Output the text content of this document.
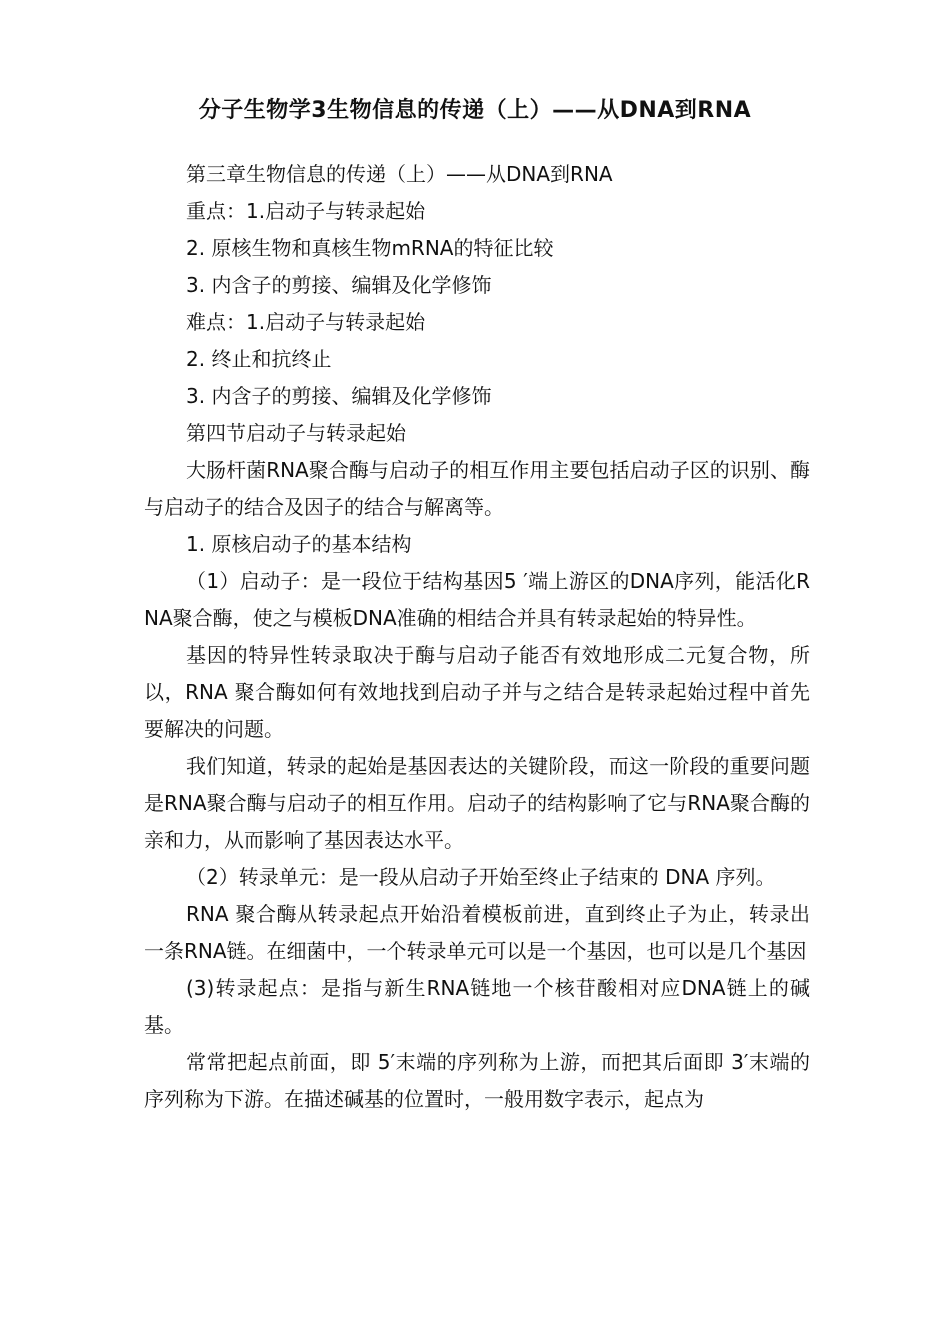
分子生物学3生物信息的传递（上）——从DNA到RNA

第三章生物信息的传递（上）——从DNA到RNA

重点：1.启动子与转录起始

2. 原核生物和真核生物mRNA的特征比较

3. 内含子的剪接、编辑及化学修饰

难点：1.启动子与转录起始

2. 终止和抗终止

3. 内含子的剪接、编辑及化学修饰

第四节启动子与转录起始

大肠杆菌RNA聚合酶与启动子的相互作用主要包括启动子区的识别、酶与启动子的结合及因子的结合与解离等。

1. 原核启动子的基本结构

（1）启动子：是一段位于结构基因5 ′端上游区的DNA序列，能活化RNA聚合酶，使之与模板DNA准确的相结合并具有转录起始的特异性。

基因的特异性转录取决于酶与启动子能否有效地形成二元复合物，所以，RNA 聚合酶如何有效地找到启动子并与之结合是转录起始过程中首先要解决的问题。

我们知道，转录的起始是基因表达的关键阶段，而这一阶段的重要问题是RNA聚合酶与启动子的相互作用。启动子的结构影响了它与RNA聚合酶的亲和力，从而影响了基因表达水平。

（2）转录单元：是一段从启动子开始至终止子结束的 DNA 序列。

RNA 聚合酶从转录起点开始沿着模板前进，直到终止子为止，转录出一条RNA链。在细菌中，一个转录单元可以是一个基因，也可以是几个基因

(3)转录起点：是指与新生RNA链地一个核苷酸相对应DNA链上的碱基。

常常把起点前面，即 5′末端的序列称为上游，而把其后面即 3′末端的序列称为下游。在描述碱基的位置时，一般用数字表示，起点为
